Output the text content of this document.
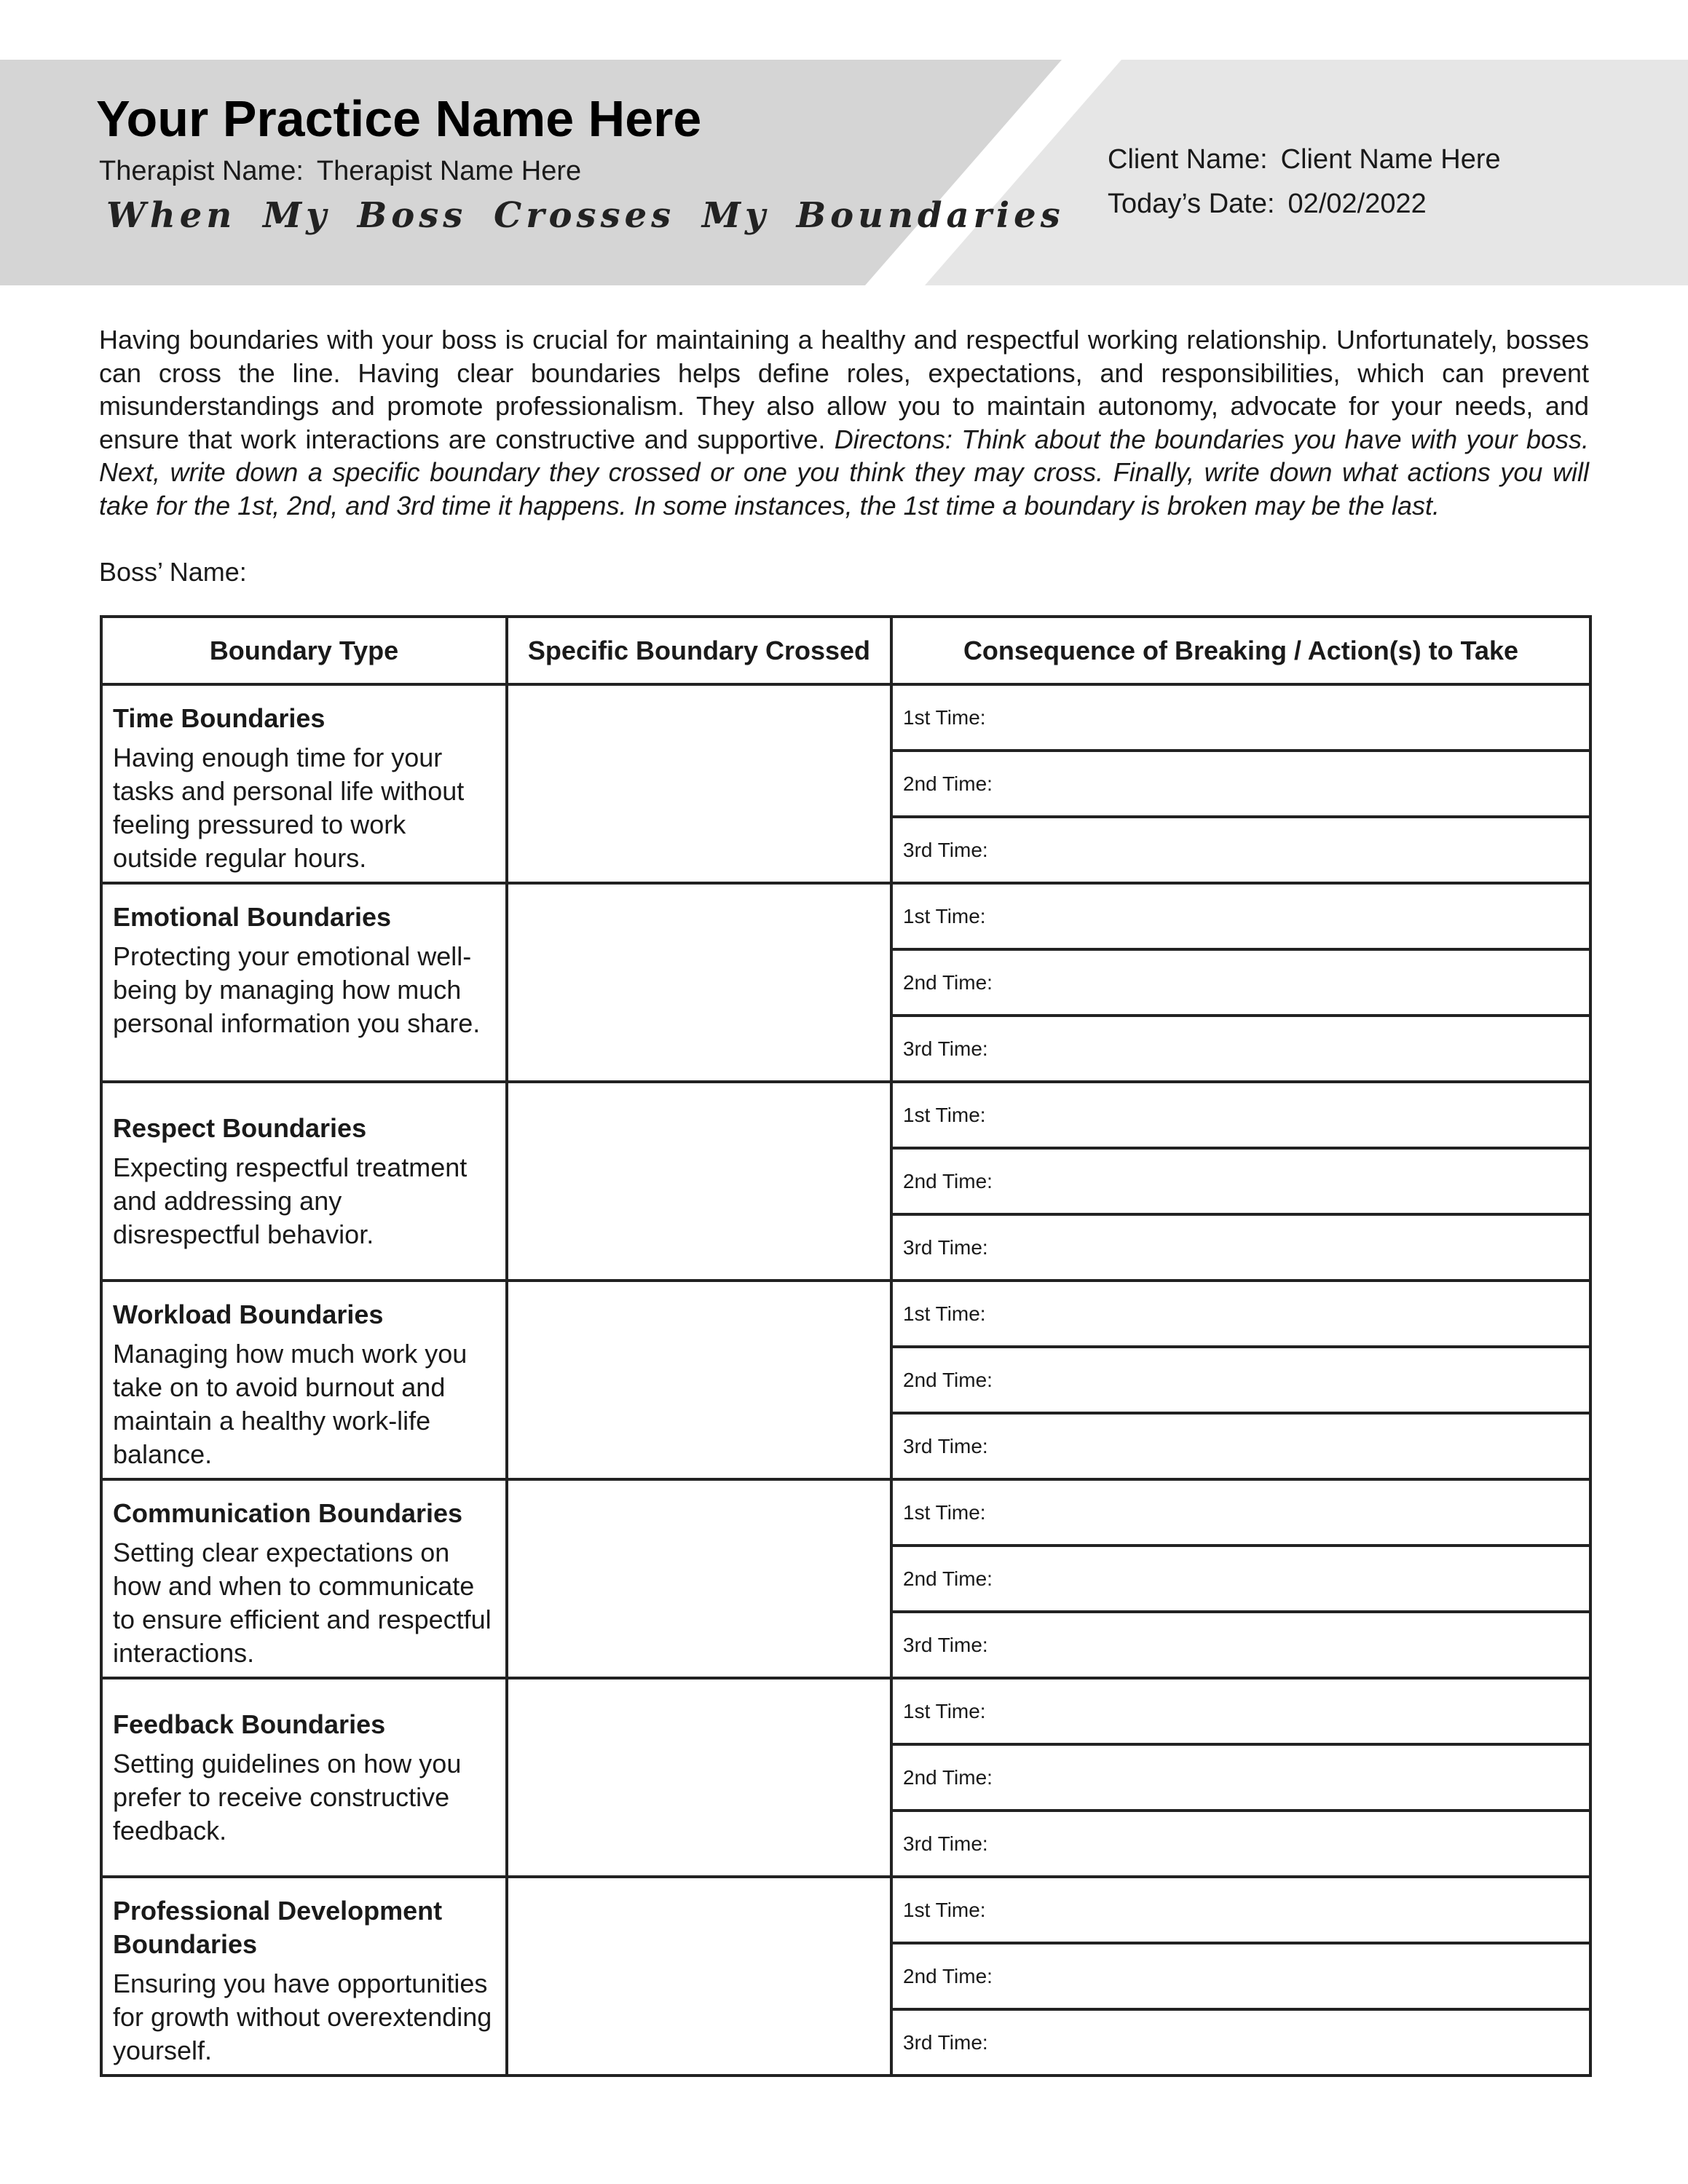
Your Practice Name Here
Therapist Name: Therapist Name Here
When My Boss Crosses My Boundaries
Client Name: Client Name Here
Today’s Date: 02/02/2022

Having boundaries with your boss is crucial for maintaining a healthy and respectful working relationship. Unfortunately, bosses can cross the line. Having clear boundaries helps define roles, expectations, and responsibilities, which can prevent misunderstandings and promote professionalism. They also allow you to maintain autonomy, advocate for your needs, and ensure that work interactions are constructive and supportive. Directons: Think about the boundaries you have with your boss. Next, write down a specific boundary they crossed or one you think they may cross. Finally, write down what actions you will take for the 1st, 2nd, and 3rd time it happens. In some instances, the 1st time a boundary is broken may be the last.

Boss’ Name:
Boundary Type	Specific Boundary Crossed	Consequence of Breaking / Action(s) to Take

Time Boundaries
Having enough time for your tasks and personal life without feeling pressured to work outside regular hours.		1st Time:
		2nd Time:
		3rd Time:

Emotional Boundaries
Protecting your emotional well-being by managing how much personal information you share.		1st Time:
		2nd Time:
		3rd Time:

Respect Boundaries
Expecting respectful treatment and addressing any disrespectful behavior.		1st Time:
		2nd Time:
		3rd Time:

Workload Boundaries
Managing how much work you take on to avoid burnout and maintain a healthy work-life balance.		1st Time:
		2nd Time:
		3rd Time:

Communication Boundaries
Setting clear expectations on how and when to communicate to ensure efficient and respectful interactions.		1st Time:
		2nd Time:
		3rd Time:

Feedback Boundaries
Setting guidelines on how you prefer to receive constructive feedback.		1st Time:
		2nd Time:
		3rd Time:

Professional Development Boundaries
Ensuring you have opportunities for growth without overextending yourself.		1st Time:
		2nd Time:
		3rd Time:
